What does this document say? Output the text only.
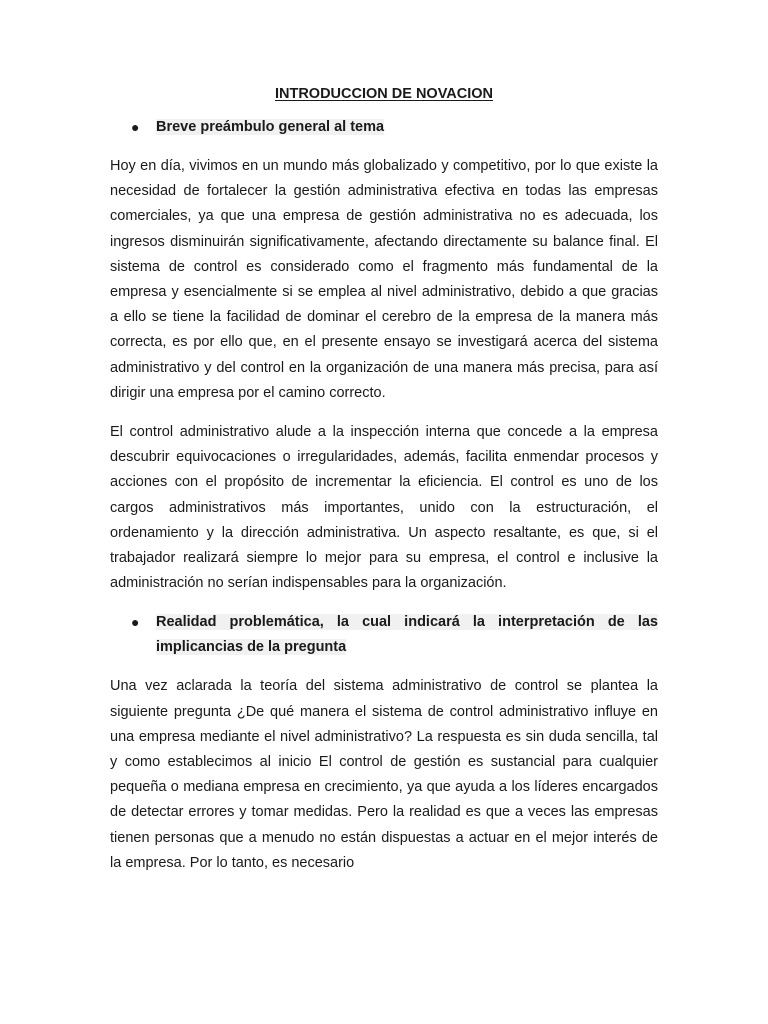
INTRODUCCION DE NOVACION
●	Breve preámbulo general al tema

Hoy en día, vivimos en un mundo más globalizado y competitivo, por lo que existe la necesidad de fortalecer la gestión administrativa efectiva en todas las empresas comerciales, ya que una empresa de gestión administrativa no es adecuada, los ingresos disminuirán significativamente, afectando directamente su balance final. El sistema de control es considerado como el fragmento más fundamental de la empresa y esencialmente si se emplea al nivel administrativo, debido a que gracias a ello se tiene la facilidad de dominar el cerebro de la empresa de la manera más correcta, es por ello que, en el presente ensayo se investigará acerca del sistema administrativo y del control en la organización de una manera más precisa, para así dirigir una empresa por el camino correcto.

El control administrativo alude a la inspección interna que concede a la empresa descubrir equivocaciones o irregularidades, además, facilita enmendar procesos y acciones con el propósito de incrementar la eficiencia. El control es uno de los cargos administrativos más importantes, unido con la estructuración, el ordenamiento y la dirección administrativa. Un aspecto resaltante, es que, si el trabajador realizará siempre lo mejor para su empresa, el control e inclusive la administración no serían indispensables para la organización.

●	Realidad problemática, la cual indicará la interpretación de las implicancias de la pregunta

Una vez aclarada la teoría del sistema administrativo de control se plantea la siguiente pregunta ¿De qué manera el sistema de control administrativo influye en una empresa mediante el nivel administrativo? La respuesta es sin duda sencilla, tal y como establecimos al inicio El control de gestión es sustancial para cualquier pequeña o mediana empresa en crecimiento, ya que ayuda a los líderes encargados de detectar errores y tomar medidas. Pero la realidad es que a veces las empresas tienen personas que a menudo no están dispuestas a actuar en el mejor interés de la empresa. Por lo tanto, es necesario
